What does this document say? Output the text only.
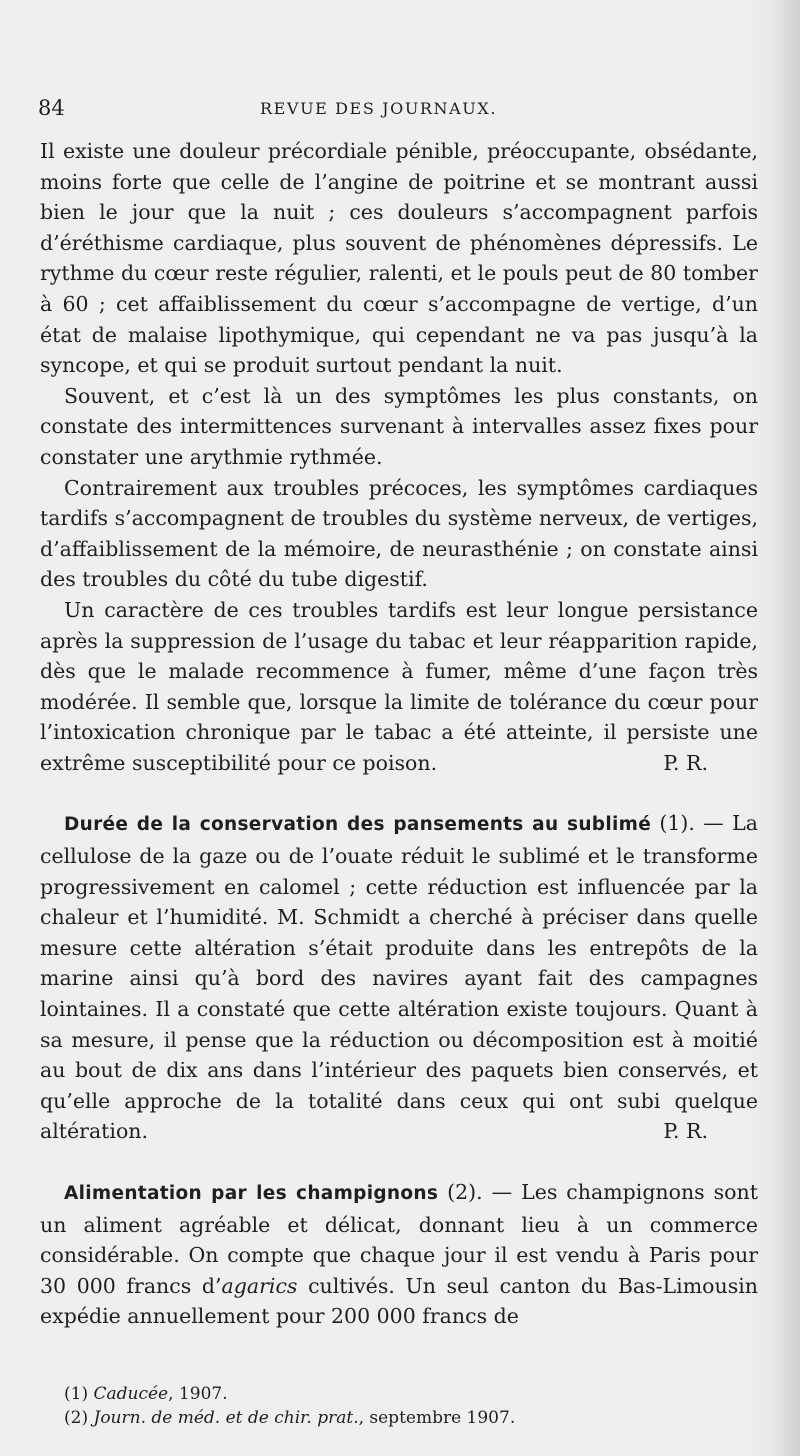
84	REVUE DES JOURNAUX.

Il existe une douleur précordiale pénible, préoccupante, obsédante, moins forte que celle de l’angine de poitrine et se montrant aussi bien le jour que la nuit ; ces douleurs s’accompagnent parfois d’éréthisme cardiaque, plus souvent de phénomènes dépressifs. Le rythme du cœur reste régulier, ralenti, et le pouls peut de 80 tomber à 60 ; cet affaiblissement du cœur s’accompagne de vertige, d’un état de malaise lipothymique, qui cependant ne va pas jusqu’à la syncope, et qui se produit surtout pendant la nuit.

Souvent, et c’est là un des symptômes les plus constants, on constate des intermittences survenant à intervalles assez fixes pour constater une arythmie rythmée.

Contrairement aux troubles précoces, les symptômes cardiaques tardifs s’accompagnent de troubles du système nerveux, de vertiges, d’affaiblissement de la mémoire, de neurasthénie ; on constate ainsi des troubles du côté du tube digestif.

Un caractère de ces troubles tardifs est leur longue persistance après la suppression de l’usage du tabac et leur réapparition rapide, dès que le malade recommence à fumer, même d’une façon très modérée. Il semble que, lorsque la limite de tolérance du cœur pour l’intoxication chronique par le tabac a été atteinte, il persiste une extrême susceptibilité pour ce poison.	P. R.

Durée de la conservation des pansements au sublimé (1). — La cellulose de la gaze ou de l’ouate réduit le sublimé et le transforme progressivement en calomel ; cette réduction est influencée par la chaleur et l’humidité. M. Schmidt a cherché à préciser dans quelle mesure cette altération s’était produite dans les entrepôts de la marine ainsi qu’à bord des navires ayant fait des campagnes lointaines. Il a constaté que cette altération existe toujours. Quant à sa mesure, il pense que la réduction ou décomposition est à moitié au bout de dix ans dans l’intérieur des paquets bien conservés, et qu’elle approche de la totalité dans ceux qui ont subi quelque altération.	P. R.

Alimentation par les champignons (2). — Les champignons sont un aliment agréable et délicat, donnant lieu à un commerce considérable. On compte que chaque jour il est vendu à Paris pour 30 000 francs d’agarics cultivés. Un seul canton du Bas-Limousin expédie annuellement pour 200 000 francs de

(1) Caducée, 1907.
(2) Journ. de méd. et de chir. prat., septembre 1907.
